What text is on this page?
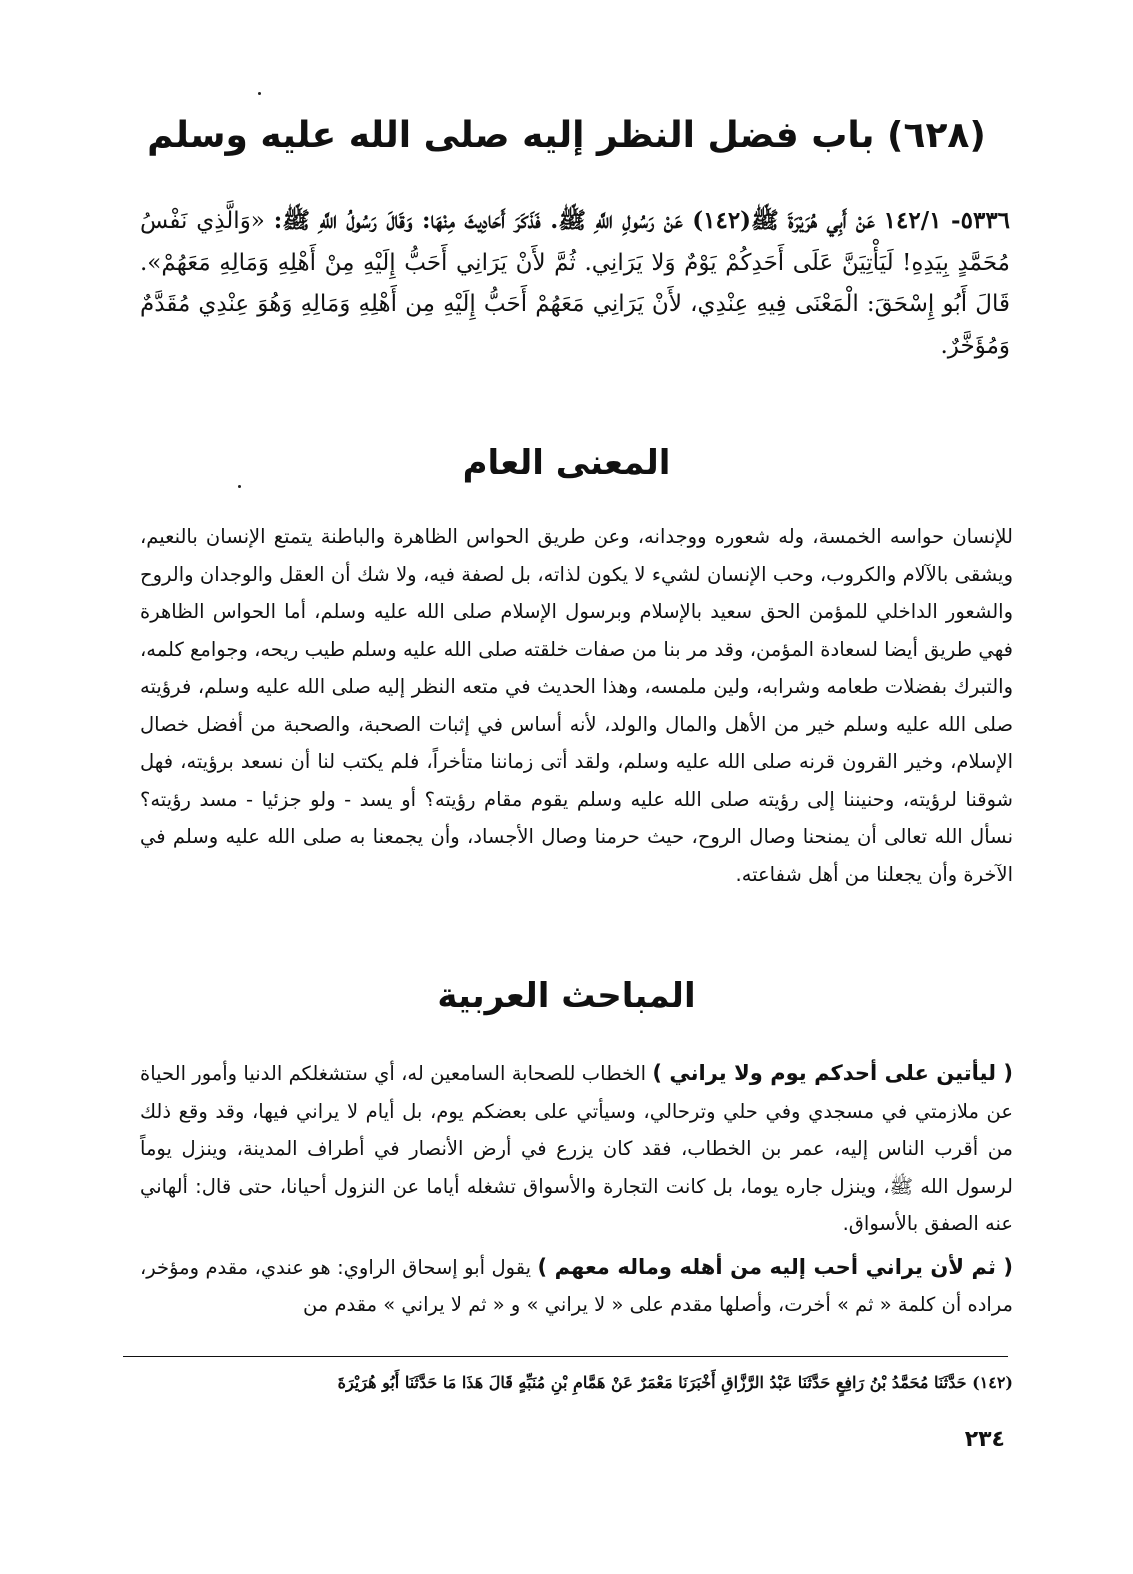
(٦٢٨) باب فضل النظر إليه صلى الله عليه وسلم
٥٣٣٦- ١٤٢/١ عَنْ أَبِي هُرَيْرَةَ ﷺ(١٤٢) عَنْ رَسُولِ اللَّهِ ﷺ. فَذَكَرَ أَحَادِيثَ مِنْهَا: وَقَالَ رَسُولُ اللَّهِ ﷺ: «وَالَّذِي نَفْسُ مُحَمَّدٍ بِيَدِهِ! لَيَأْتِيَنَّ عَلَى أَحَدِكُمْ يَوْمٌ وَلا يَرَانِي. ثُمَّ لأَنْ يَرَانِي أَحَبُّ إِلَيْهِ مِنْ أَهْلِهِ وَمَالِهِ مَعَهُمْ». قَالَ أَبُو إِسْحَقَ: الْمَعْنَى فِيهِ عِنْدِي، لأَنْ يَرَانِي مَعَهُمْ أَحَبُّ إِلَيْهِ مِن أَهْلِهِ وَمَالِهِ وَهُوَ عِنْدِي مُقَدَّمٌ وَمُؤَخَّرٌ.
المعنى العام

للإنسان حواسه الخمسة، وله شعوره ووجدانه، وعن طريق الحواس الظاهرة والباطنة يتمتع الإنسان بالنعيم، ويشقى بالآلام والكروب، وحب الإنسان لشيء لا يكون لذاته، بل لصفة فيه، ولا شك أن العقل والوجدان والروح والشعور الداخلي للمؤمن الحق سعيد بالإسلام وبرسول الإسلام صلى الله عليه وسلم، أما الحواس الظاهرة فهي طريق أيضا لسعادة المؤمن، وقد مر بنا من صفات خلقته صلى الله عليه وسلم طيب ريحه، وجوامع كلمه، والتبرك بفضلات طعامه وشرابه، ولين ملمسه، وهذا الحديث في متعه النظر إليه صلى الله عليه وسلم، فرؤيته صلى الله عليه وسلم خير من الأهل والمال والولد، لأنه أساس في إثبات الصحبة، والصحبة من أفضل خصال الإسلام، وخير القرون قرنه صلى الله عليه وسلم، ولقد أتى زماننا متأخراً، فلم يكتب لنا أن نسعد برؤيته، فهل شوقنا لرؤيته، وحنيننا إلى رؤيته صلى الله عليه وسلم يقوم مقام رؤيته؟ أو يسد - ولو جزئيا - مسد رؤيته؟ نسأل الله تعالى أن يمنحنا وصال الروح، حيث حرمنا وصال الأجساد، وأن يجمعنا به صلى الله عليه وسلم في الآخرة وأن يجعلنا من أهل شفاعته.

المباحث العربية

( ليأتين على أحدكم يوم ولا يراني ) الخطاب للصحابة السامعين له، أي ستشغلكم الدنيا وأمور الحياة عن ملازمتي في مسجدي وفي حلي وترحالي، وسيأتي على بعضكم يوم، بل أيام لا يراني فيها، وقد وقع ذلك من أقرب الناس إليه، عمر بن الخطاب، فقد كان يزرع في أرض الأنصار في أطراف المدينة، وينزل يوماً لرسول الله ﷺ، وينزل جاره يوما، بل كانت التجارة والأسواق تشغله أياما عن النزول أحيانا، حتى قال: ألهاني عنه الصفق بالأسواق.

( ثم لأن يراني أحب إليه من أهله وماله معهم ) يقول أبو إسحاق الراوي: هو عندي، مقدم ومؤخر، مراده أن كلمة « ثم » أخرت، وأصلها مقدم على « لا يراني » و « ثم لا يراني » مقدم من

(١٤٢) حَدَّثَنَا مُحَمَّدُ بْنُ رَافِعٍ حَدَّثَنَا عَبْدُ الرَّزَّاقِ أَخْبَرَنَا مَعْمَرٌ عَنْ هَمَّامِ بْنِ مُنَبِّهٍ قَالَ هَذَا مَا حَدَّثَنَا أَبُو هُرَيْرَةَ
٢٣٤
